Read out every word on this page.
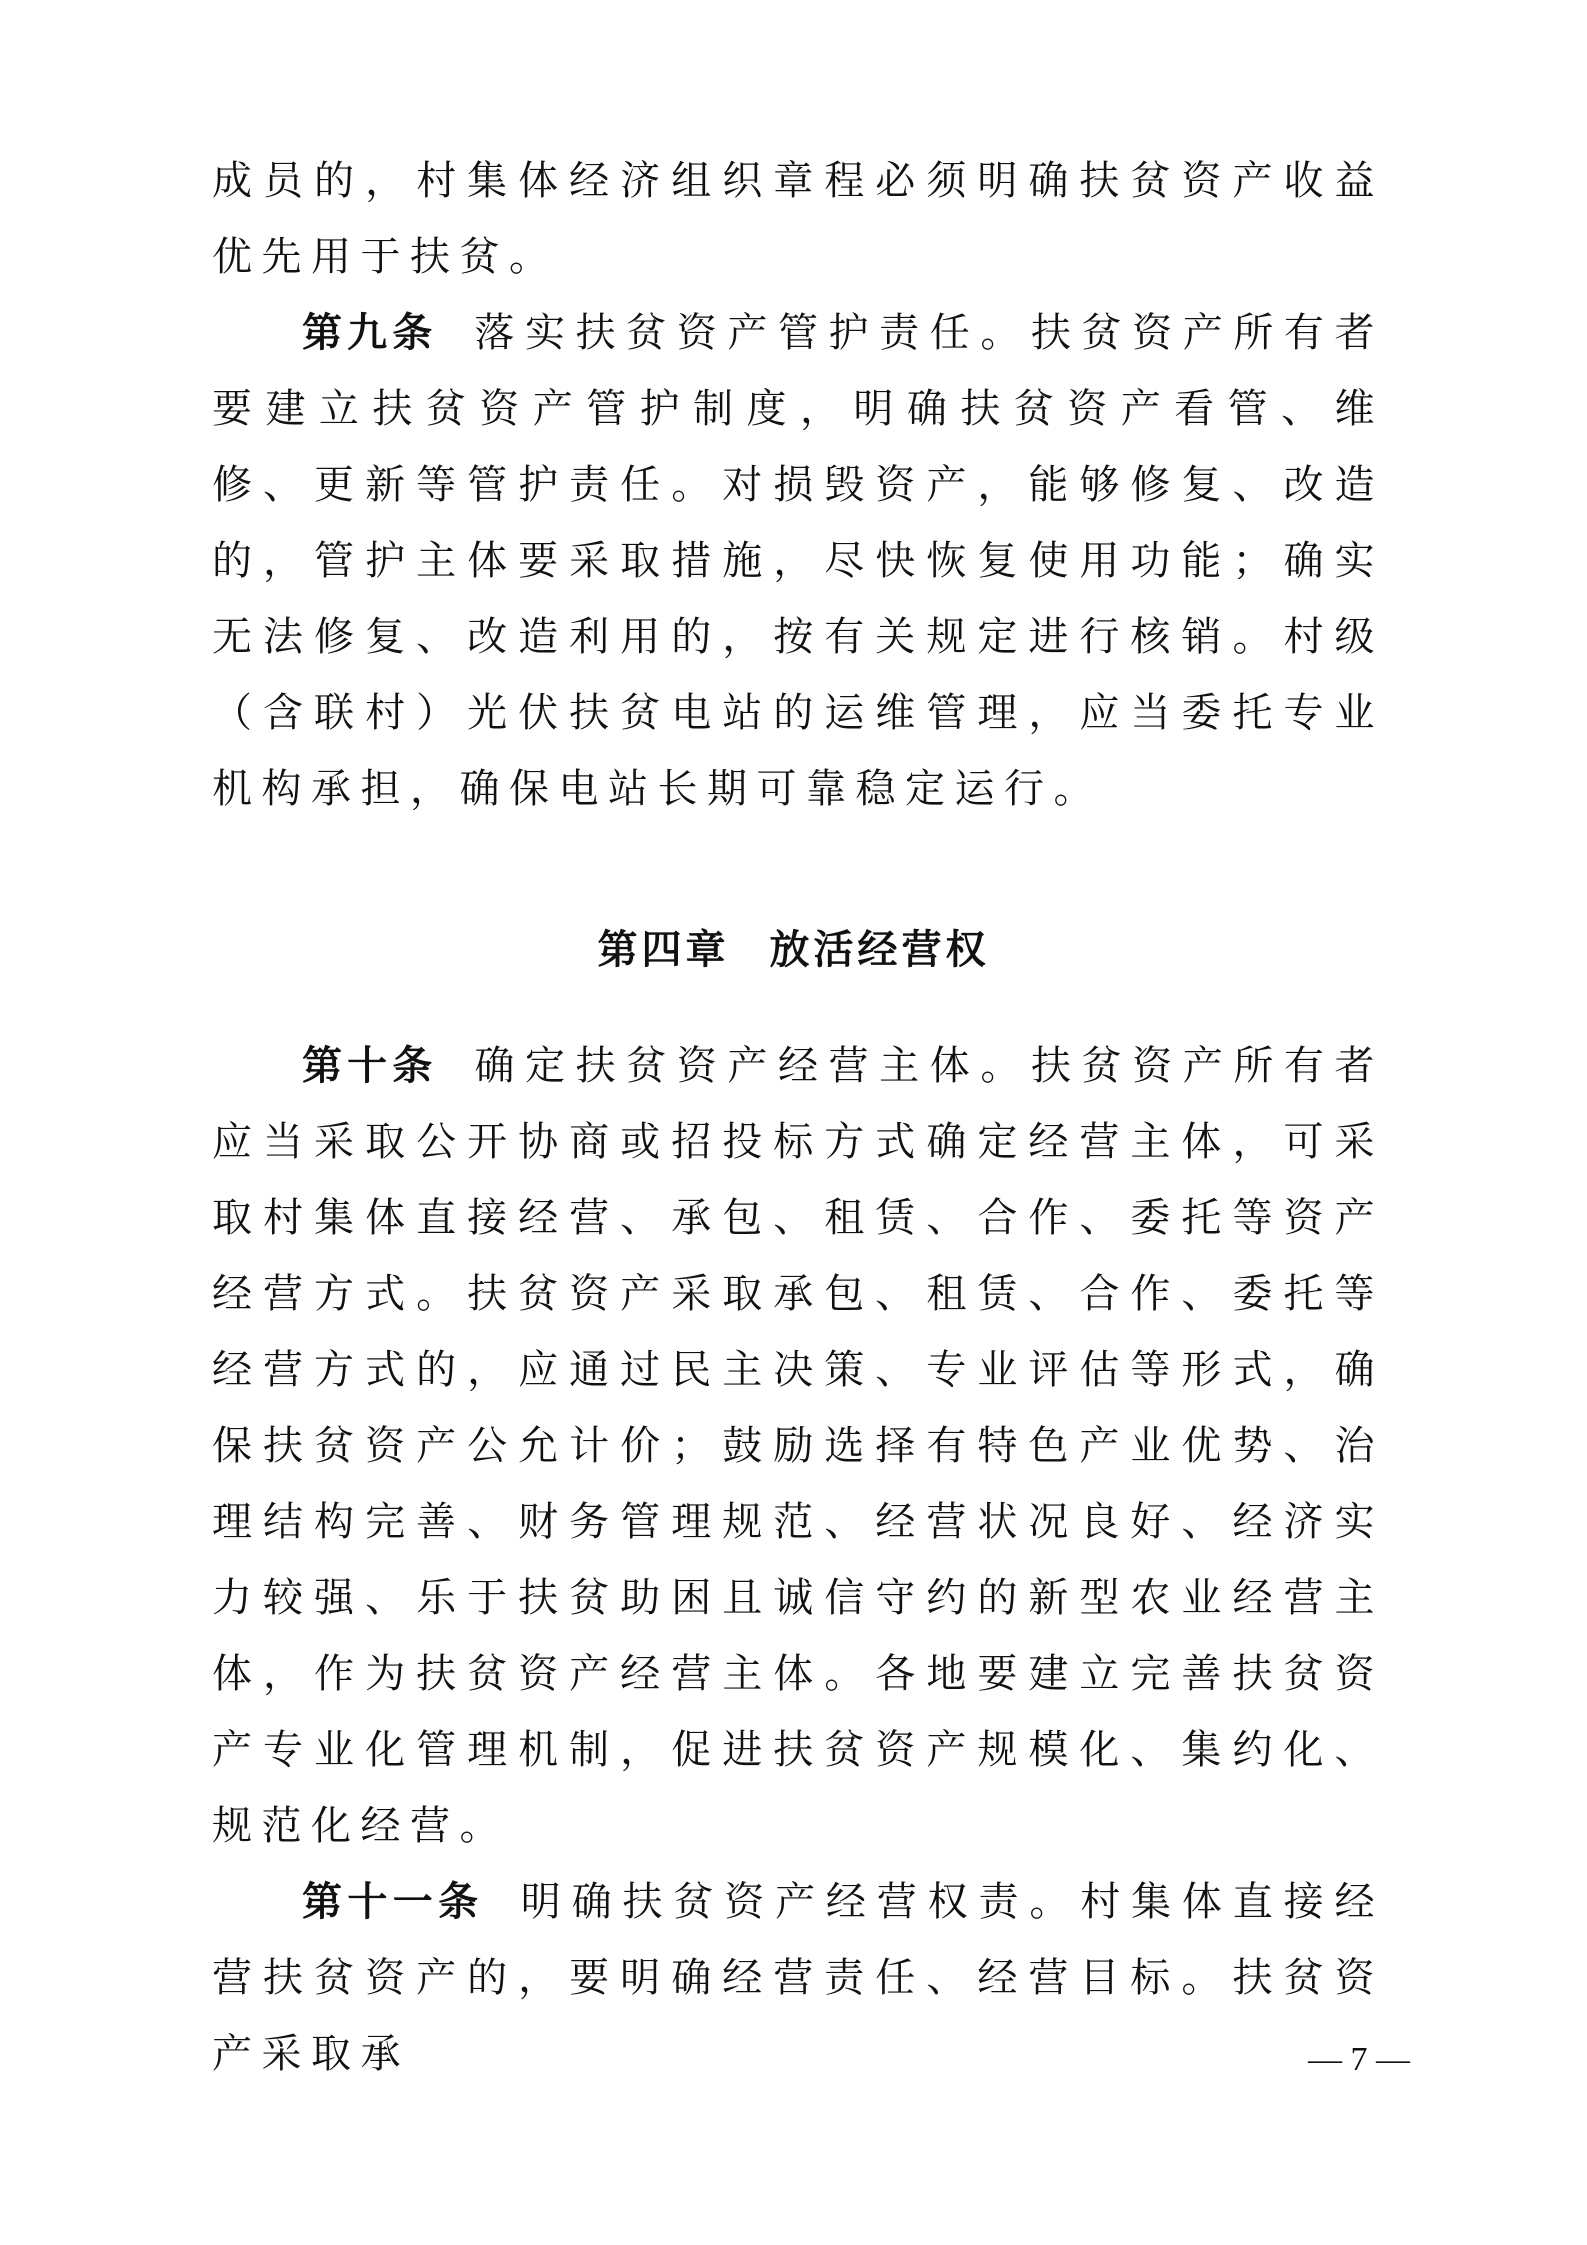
成员的，村集体经济组织章程必须明确扶贫资产收益优先用于扶贫。

第九条 落实扶贫资产管护责任。扶贫资产所有者要建立扶贫资产管护制度，明确扶贫资产看管、维修、更新等管护责任。对损毁资产，能够修复、改造的，管护主体要采取措施，尽快恢复使用功能；确实无法修复、改造利用的，按有关规定进行核销。村级（含联村）光伏扶贫电站的运维管理，应当委托专业机构承担，确保电站长期可靠稳定运行。

第四章 放活经营权

第十条 确定扶贫资产经营主体。扶贫资产所有者应当采取公开协商或招投标方式确定经营主体，可采取村集体直接经营、承包、租赁、合作、委托等资产经营方式。扶贫资产采取承包、租赁、合作、委托等经营方式的，应通过民主决策、专业评估等形式，确保扶贫资产公允计价；鼓励选择有特色产业优势、治理结构完善、财务管理规范、经营状况良好、经济实力较强、乐于扶贫助困且诚信守约的新型农业经营主体，作为扶贫资产经营主体。各地要建立完善扶贫资产专业化管理机制，促进扶贫资产规模化、集约化、规范化经营。

第十一条 明确扶贫资产经营权责。村集体直接经营扶贫资产的，要明确经营责任、经营目标。扶贫资产采取承	— 7 —
